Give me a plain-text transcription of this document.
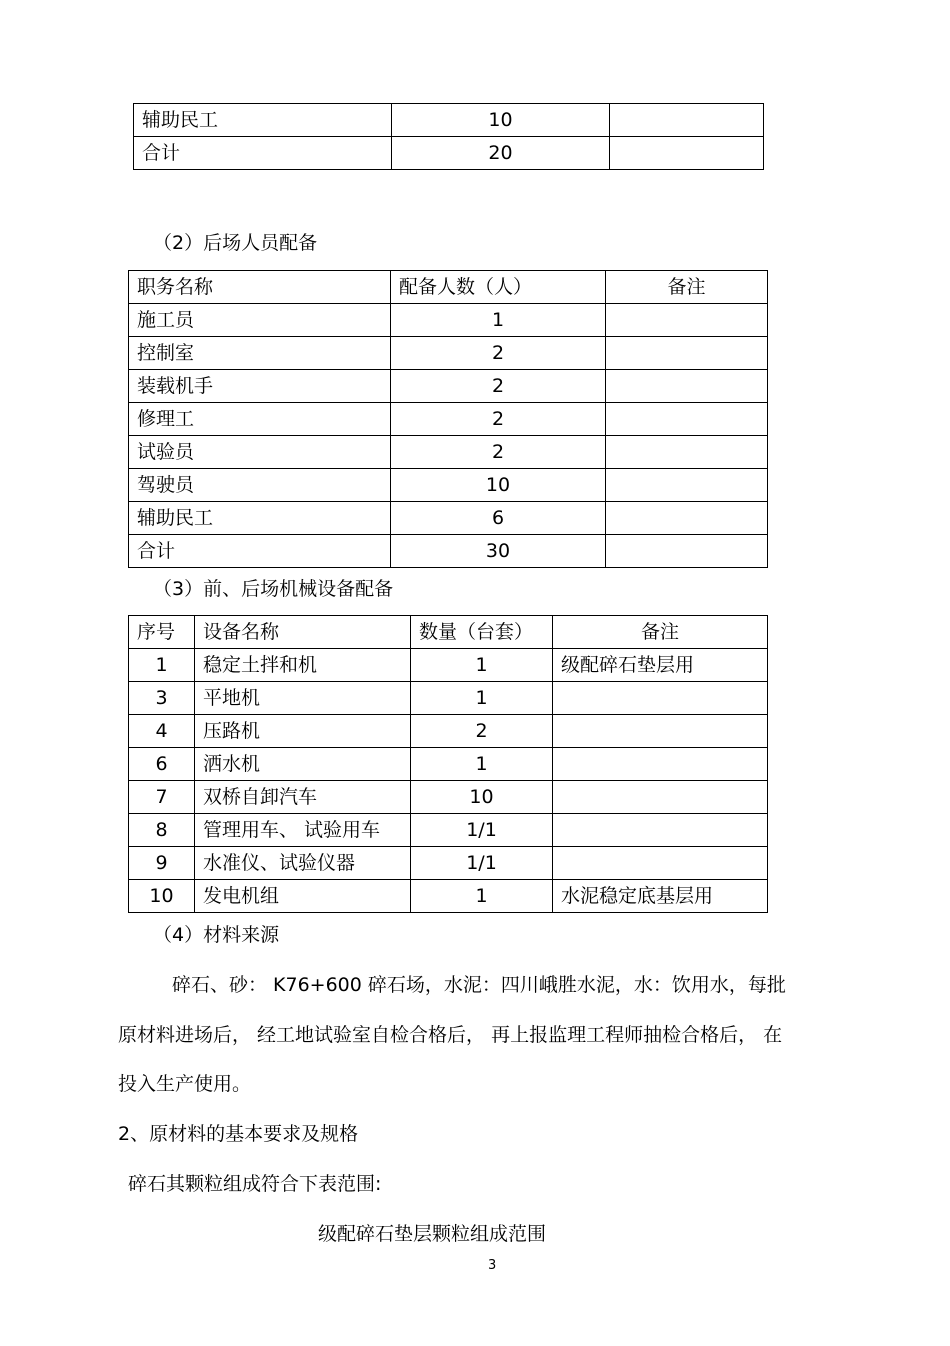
辅助民工	10	
合计	20	
（2）后场人员配备
职务名称	配备人数（人）	备注
施工员	1	
控制室	2	
装载机手	2	
修理工	2	
试验员	2	
驾驶员	10	
辅助民工	6	
合计	30	
（3）前、后场机械设备配备
序号	设备名称	数量（台套）	备注
1	稳定土拌和机	1	级配碎石垫层用
3	平地机	1	
4	压路机	2	
6	洒水机	1	
7	双桥自卸汽车	10	
8	管理用车、 试验用车	1/1	
9	水准仪、试验仪器	1/1	
10	发电机组	1	水泥稳定底基层用
（4）材料来源
碎石、砂： K76+600 碎石场，水泥：四川峨胜水泥，水：饮用水，每批
原材料进场后， 经工地试验室自检合格后， 再上报监理工程师抽检合格后， 在
投入生产使用。
2、原材料的基本要求及规格
碎石其颗粒组成符合下表范围:
级配碎石垫层颗粒组成范围
3
